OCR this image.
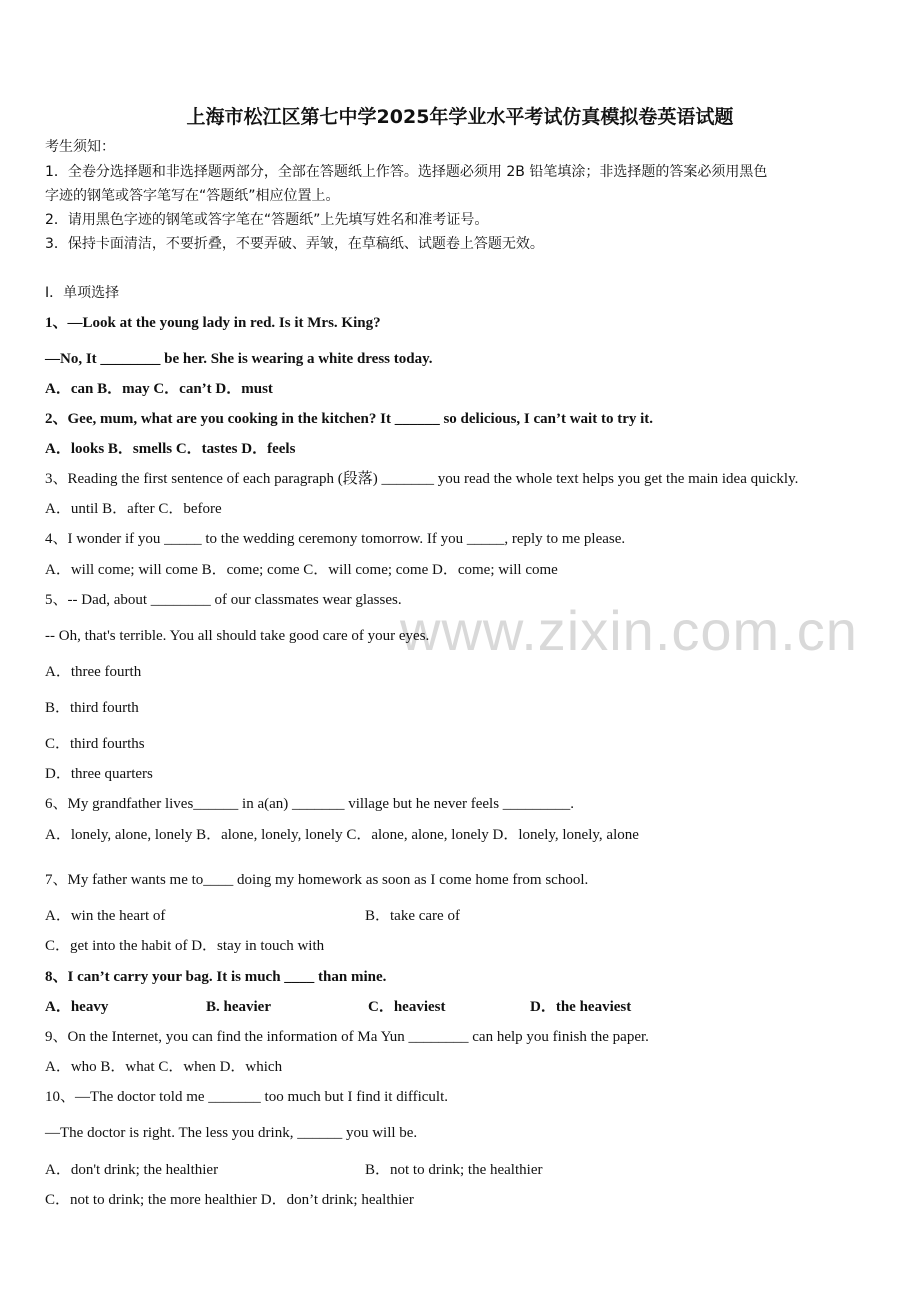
www.zixin.com.cn
上海市松江区第七中学2025年学业水平考试仿真模拟卷英语试题
考生须知：
1．全卷分选择题和非选择题两部分，全部在答题纸上作答。选择题必须用 2B 铅笔填涂；非选择题的答案必须用黑色
字迹的钢笔或答字笔写在“答题纸”相应位置上。
2．请用黑色字迹的钢笔或答字笔在“答题纸”上先填写姓名和准考证号。
3．保持卡面清洁，不要折叠，不要弄破、弄皱，在草稿纸、试题卷上答题无效。
Ⅰ．单项选择
1、—Look at the young lady in red. Is it Mrs. King?
—No, It ________ be her. She is wearing a white dress today.
A．can B．may C．can’t D．must
2、Gee, mum, what are you cooking in the kitchen? It ______ so delicious, I can’t wait to try it.
A．looks B．smells C．tastes D．feels
3、Reading the first sentence of each paragraph (段落) _______ you read the whole text helps you get the main idea quickly.
A．until B．after C．before
4、I wonder if you _____ to the wedding ceremony tomorrow. If you _____, reply to me please.
A．will come; will come B．come; come C．will come; come D．come; will come
5、-- Dad, about ________ of our classmates wear glasses.
-- Oh, that's terrible. You all should take good care of your eyes.
A．three fourth
B．third fourth
C．third fourths
D．three quarters
6、My grandfather lives______ in a(an) _______ village but he never feels _________.
A．lonely, alone, lonely B．alone, lonely, lonely C．alone, alone, lonely D．lonely, lonely, alone
7、My father wants me to____ doing my homework as soon as I come home from school.
A．win the heart of	B．take care of
C．get into the habit of D．stay in touch with
8、I can’t carry your bag. It is much ____ than mine.
A．heavy	B. heavier	C．heaviest	D．the heaviest
9、On the Internet, you can find the information of Ma Yun ________ can help you finish the paper.
A．who B．what C．when D．which
10、—The doctor told me _______ too much but I find it difficult.
—The doctor is right. The less you drink, ______ you will be.
A．don't drink; the healthier	B．not to drink; the healthier
C．not to drink; the more healthier D．don’t drink; healthier
